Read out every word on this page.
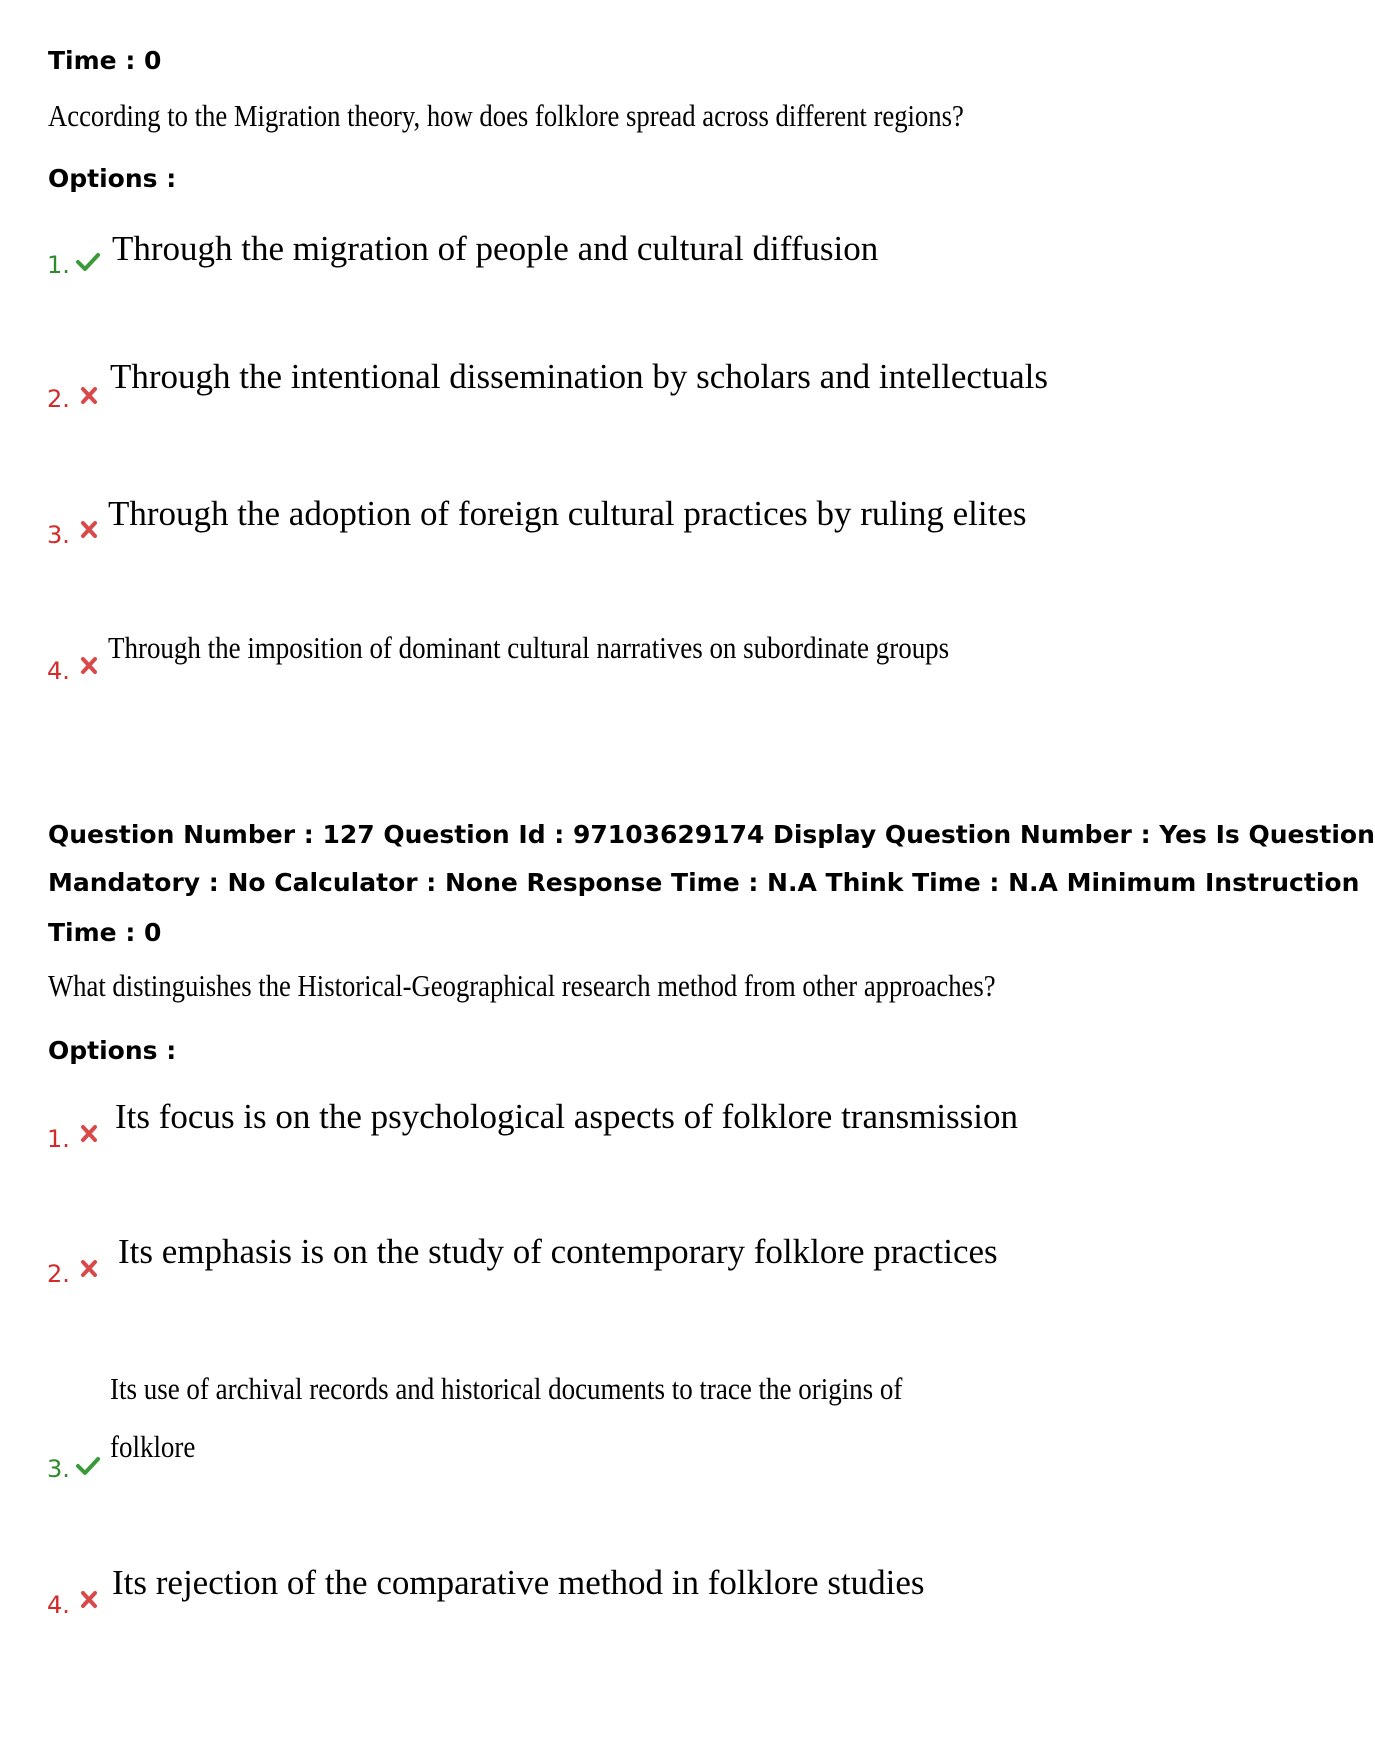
Time : 0
According to the Migration theory, how does folklore spread across different regions?
Options :
1. Through the migration of people and cultural diffusion
2.
Through the intentional dissemination by scholars and intellectuals
3.
Through the adoption of foreign cultural practices by ruling elites
4.
Through the imposition of dominant cultural narratives on subordinate groups
Question Number : 127 Question Id : 97103629174 Display Question Number : Yes Is Question
Mandatory : No Calculator : None Response Time : N.A Think Time : N.A Minimum Instruction
Time : 0
What distinguishes the Historical-Geographical research method from other approaches?
Options :
1.
Its focus is on the psychological aspects of folklore transmission
2.
Its emphasis is on the study of contemporary folklore practices
Its use of archival records and historical documents to trace the origins of
folklore
3.
4.
Its rejection of the comparative method in folklore studies
